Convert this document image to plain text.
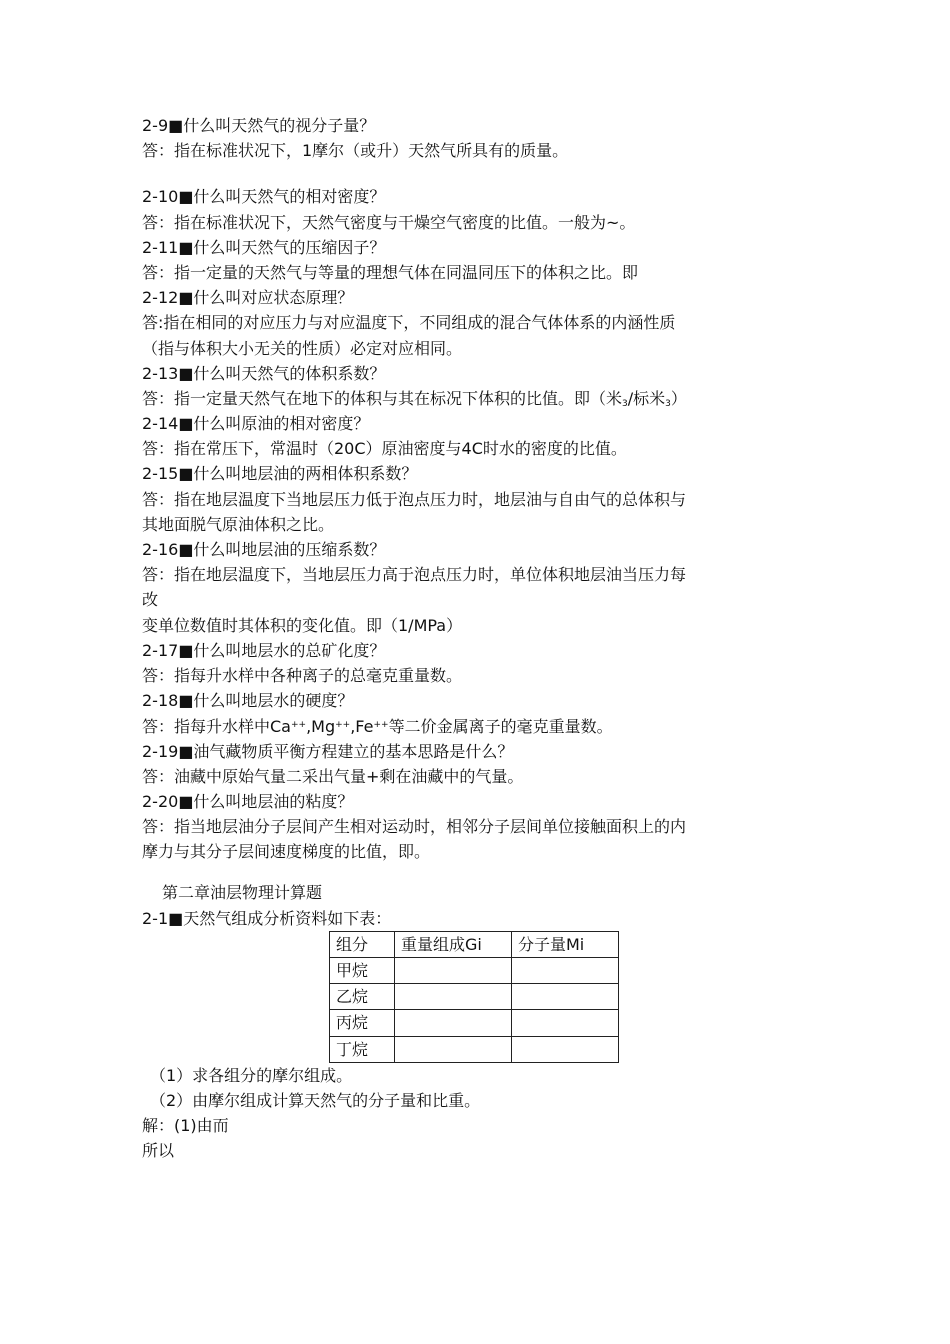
2-9■什么叫天然气的视分子量？
答：指在标准状况下，1摩尔（或升）天然气所具有的质量。
2-10■什么叫天然气的相对密度？
答：指在标准状况下，天然气密度与干燥空气密度的比值。一般为~。
2-11■什么叫天然气的压缩因子？
答：指一定量的天然气与等量的理想气体在同温同压下的体积之比。即
2-12■什么叫对应状态原理？
答:指在相同的对应压力与对应温度下，不同组成的混合气体体系的内涵性质
（指与体积大小无关的性质）必定对应相同。
2-13■什么叫天然气的体积系数？
答：指一定量天然气在地下的体积与其在标况下体积的比值。即（米$_3$/标米$_3$）
2-14■什么叫原油的相对密度？
答：指在常压下，常温时（20C）原油密度与4C时水的密度的比值。
2-15■什么叫地层油的两相体积系数？
答：指在地层温度下当地层压力低于泡点压力时，地层油与自由气的总体积与
其地面脱气原油体积之比。
2-16■什么叫地层油的压缩系数？
答：指在地层温度下，当地层压力高于泡点压力时，单位体积地层油当压力每
改
变单位数值时其体积的变化值。即（1/MPa）
2-17■什么叫地层水的总矿化度？
答：指每升水样中各种离子的总毫克重量数。
2-18■什么叫地层水的硬度？
答：指每升水样中Ca++,Mg++,Fe++等二价金属离子的毫克重量数。
2-19■油气藏物质平衡方程建立的基本思路是什么？
答：油藏中原始气量二采出气量+剩在油藏中的气量。
2-20■什么叫地层油的粘度？
答：指当地层油分子层间产生相对运动时，相邻分子层间单位接触面积上的内
摩力与其分子层间速度梯度的比值，即。
第二章油层物理计算题
2-1■天然气组成分析资料如下表：
组分	重量组成Gi	分子量Mi
甲烷		
乙烷		
丙烷		
丁烷		
（1）求各组分的摩尔组成。
（2）由摩尔组成计算天然气的分子量和比重。
解：(1)由而
所以
